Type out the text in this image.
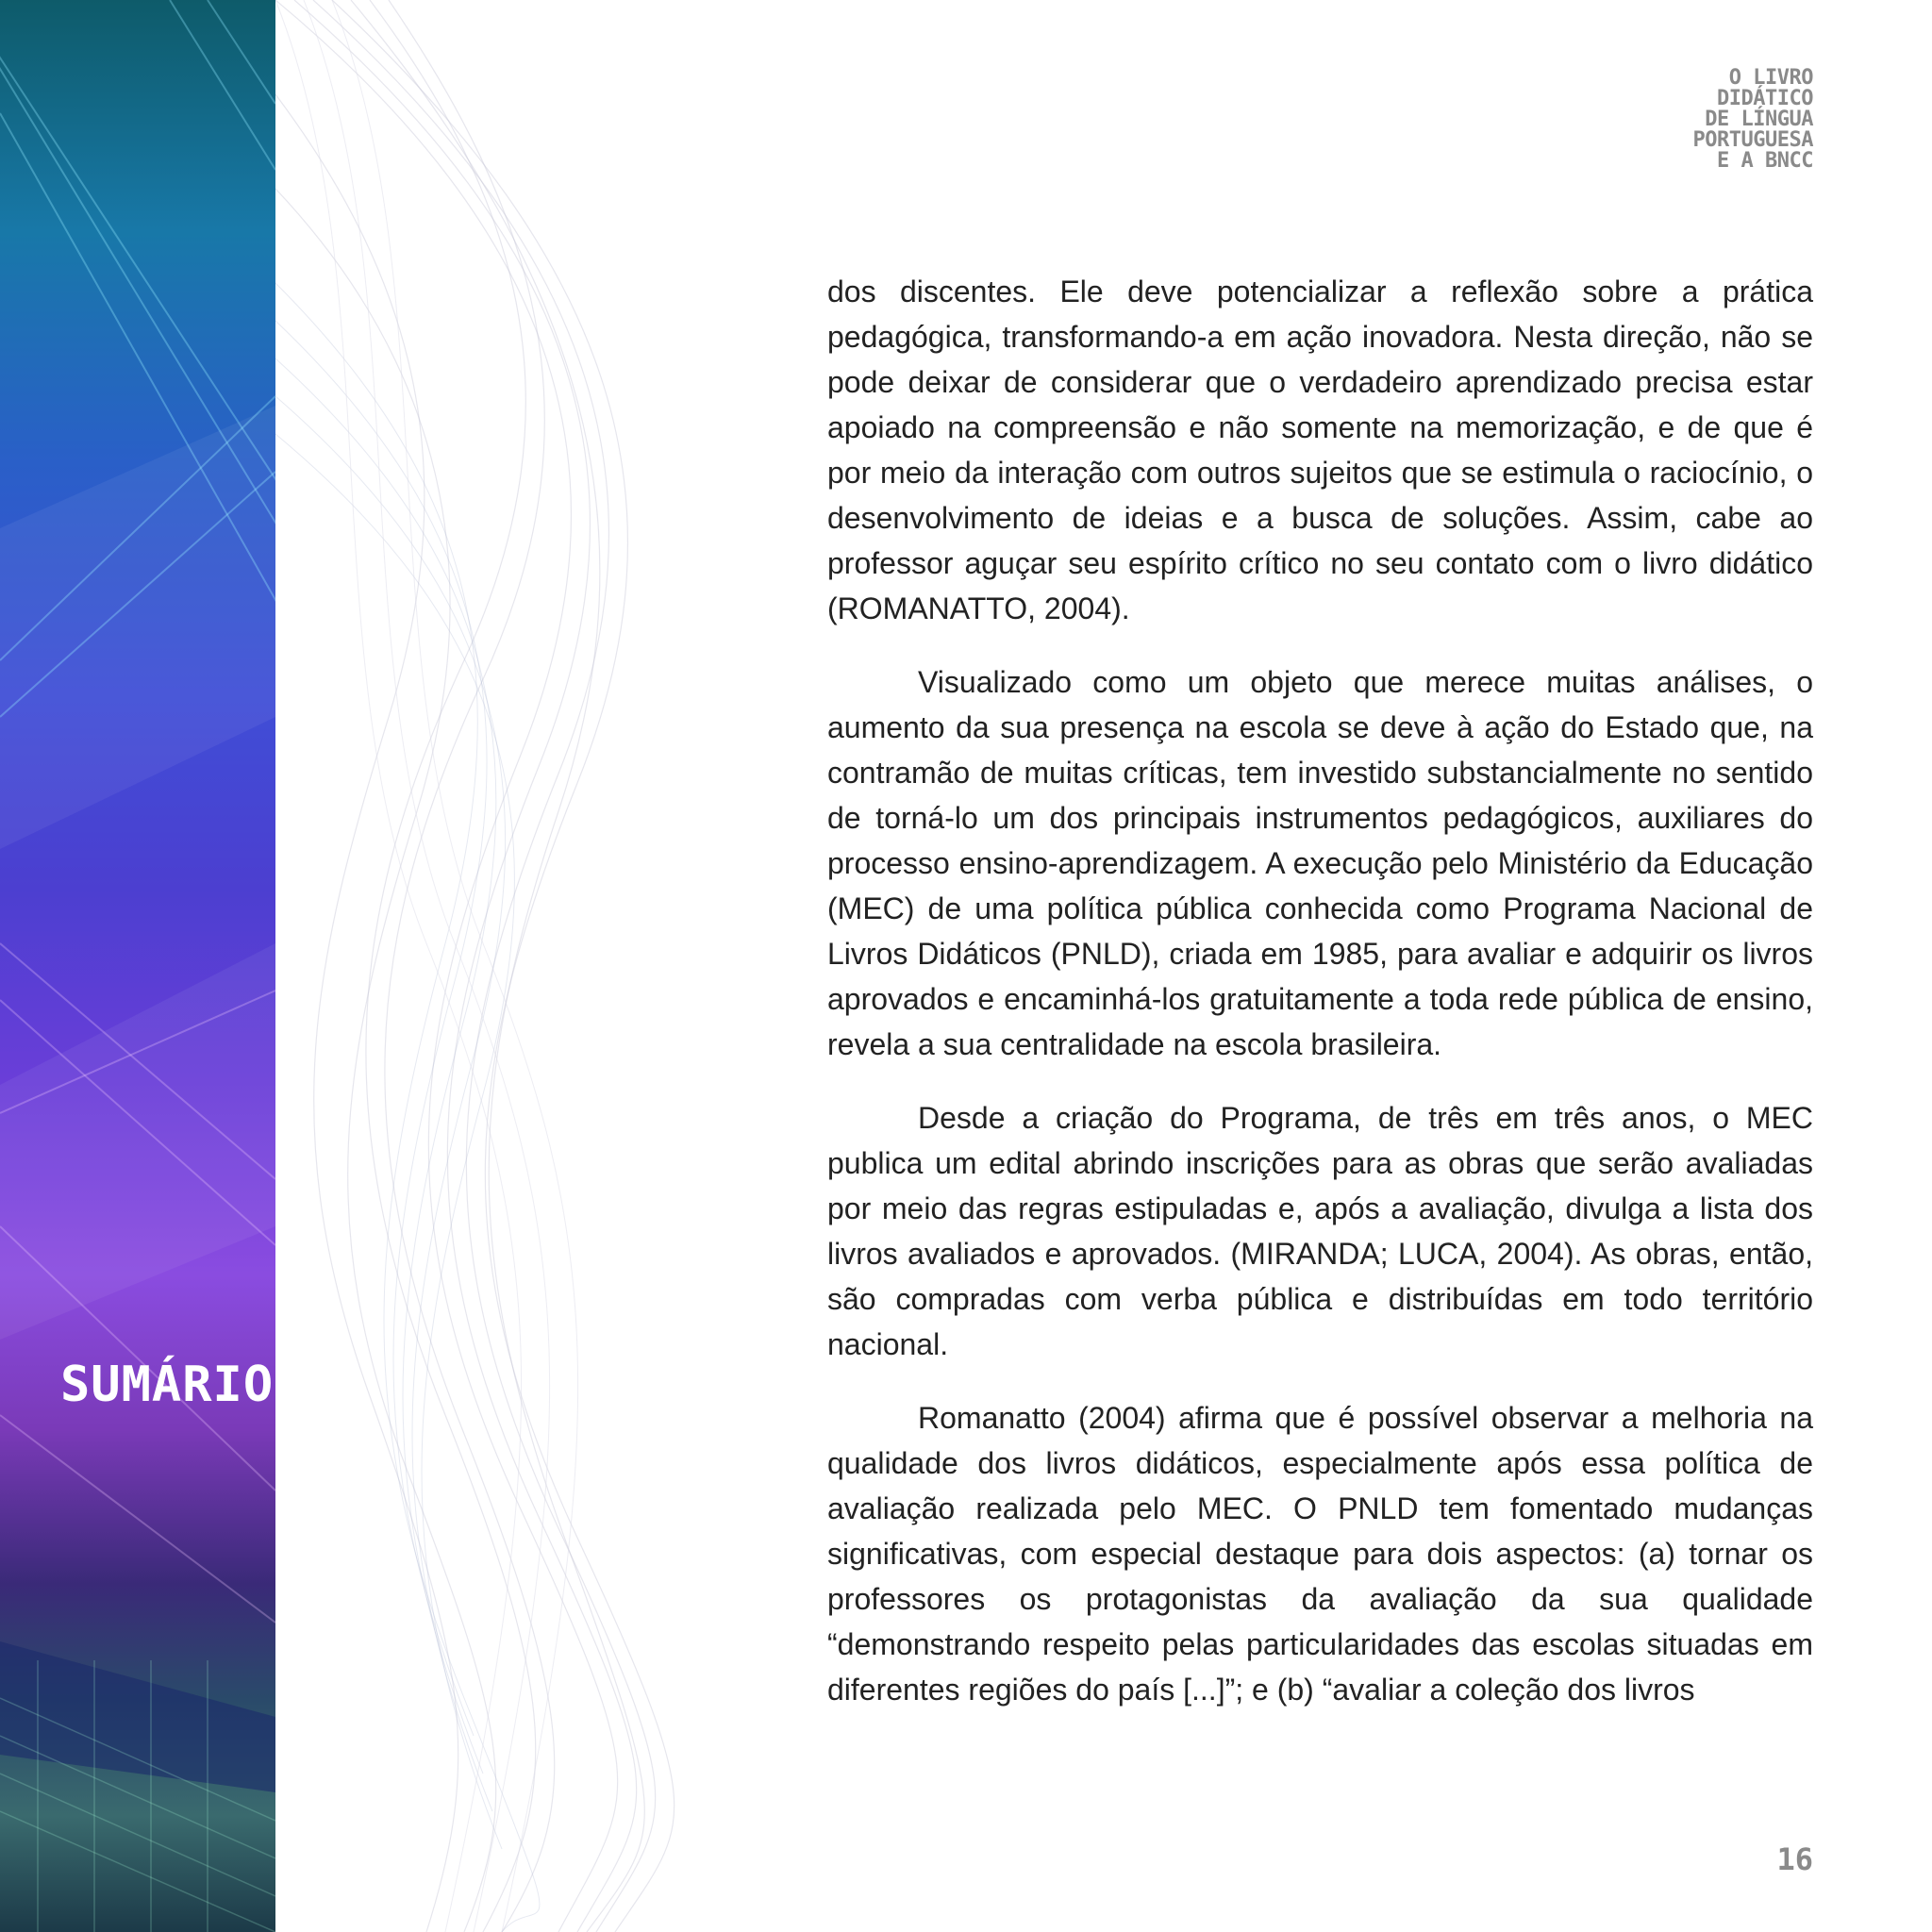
SUMÁRIO
O LIVRO
DIDÁTICO
DE LÍNGUA
PORTUGUESA
E A BNCC

dos discentes. Ele deve potencializar a reflexão sobre a prática pedagógica, transformando-a em ação inovadora. Nesta direção, não se pode deixar de considerar que o verdadeiro aprendizado precisa estar apoiado na compreensão e não somente na memorização, e de que é por meio da interação com outros sujeitos que se estimula o raciocínio, o desenvolvimento de ideias e a busca de soluções. Assim, cabe ao professor aguçar seu espírito crítico no seu contato com o livro didático (ROMANATTO, 2004).

Visualizado como um objeto que merece muitas análises, o aumento da sua presença na escola se deve à ação do Estado que, na contramão de muitas críticas, tem investido substancialmente no sentido de torná-lo um dos principais instrumentos pedagógicos, auxiliares do processo ensino-aprendizagem. A execução pelo Ministério da Educação (MEC) de uma política pública conhecida como Programa Nacional de Livros Didáticos (PNLD), criada em 1985, para avaliar e adquirir os livros aprovados e encaminhá-los gratuitamente a toda rede pública de ensino, revela a sua centralidade na escola brasileira.

Desde a criação do Programa, de três em três anos, o MEC publica um edital abrindo inscrições para as obras que serão avaliadas por meio das regras estipuladas e, após a avaliação, divulga a lista dos livros avaliados e aprovados. (MIRANDA; LUCA, 2004). As obras, então, são compradas com verba pública e distribuídas em todo território nacional.

Romanatto (2004) afirma que é possível observar a melhoria na qualidade dos livros didáticos, especialmente após essa política de avaliação realizada pelo MEC. O PNLD tem fomentado mudanças significativas, com especial destaque para dois aspectos: (a) tornar os professores os protagonistas da avaliação da sua qualidade “demonstrando respeito pelas particularidades das escolas situadas em diferentes regiões do país [...]”; e (b) “avaliar a coleção dos livros

16
